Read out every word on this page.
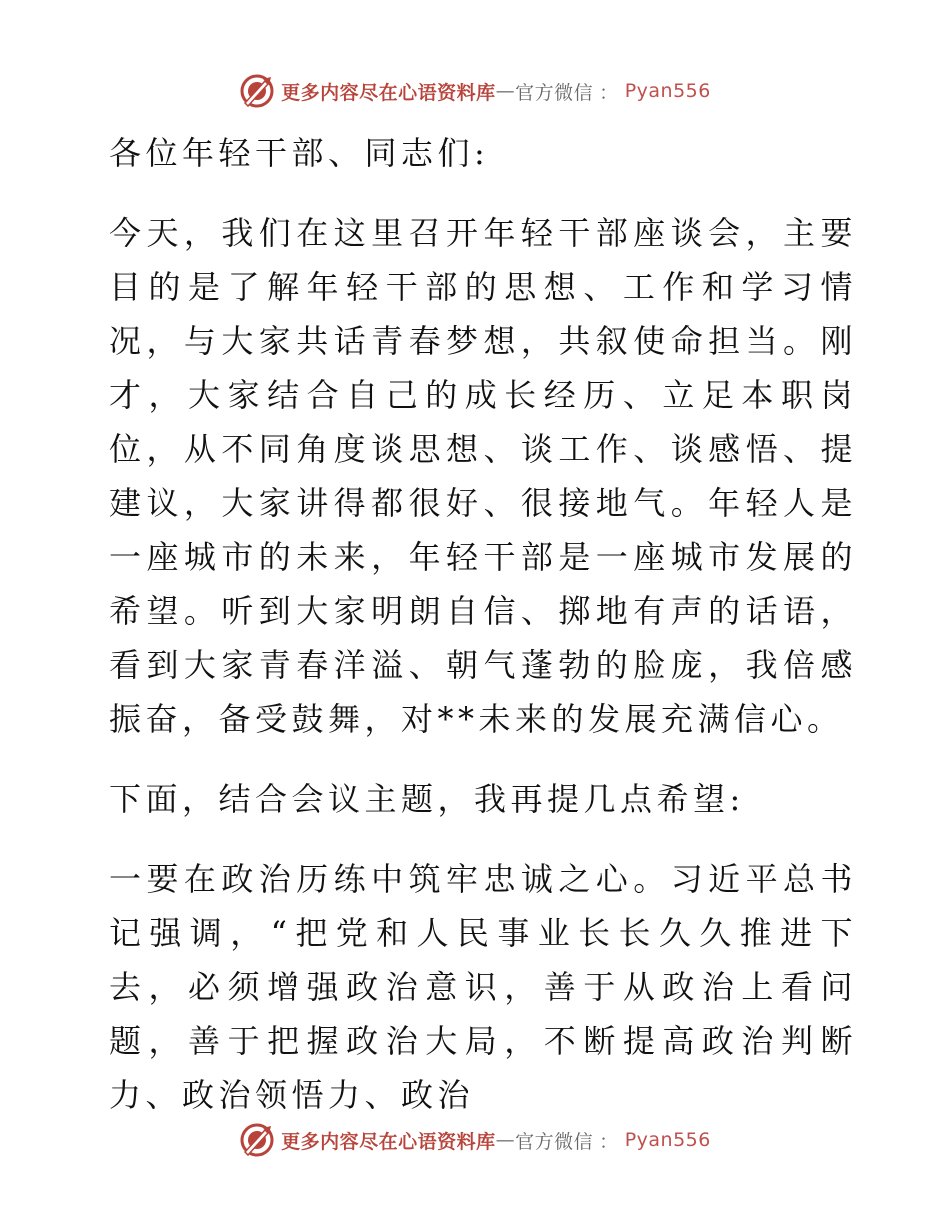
更多内容尽在心语资料库 — 官方微信 ： Pyan556

各位年轻干部、同志们:

今天，我们在这里召开年轻干部座谈会，主要目的是了解年轻干部的思想、工作和学习情况，与大家共话青春梦想，共叙使命担当。刚才，大家结合自己的成长经历、立足本职岗位，从不同角度谈思想、谈工作、谈感悟、提建议，大家讲得都很好、很接地气。年轻人是一座城市的未来，年轻干部是一座城市发展的希望。听到大家明朗自信、掷地有声的话语，看到大家青春洋溢、朝气蓬勃的脸庞，我倍感振奋，备受鼓舞，对**未来的发展充满信心。

下面，结合会议主题，我再提几点希望:

一要在政治历练中筑牢忠诚之心。习近平总书记强调，“把党和人民事业长长久久推进下去，必须增强政治意识，善于从政治上看问题，善于把握政治大局，不断提高政治判断力、政治领悟力、政治

更多内容尽在心语资料库 — 官方微信 ： Pyan556
